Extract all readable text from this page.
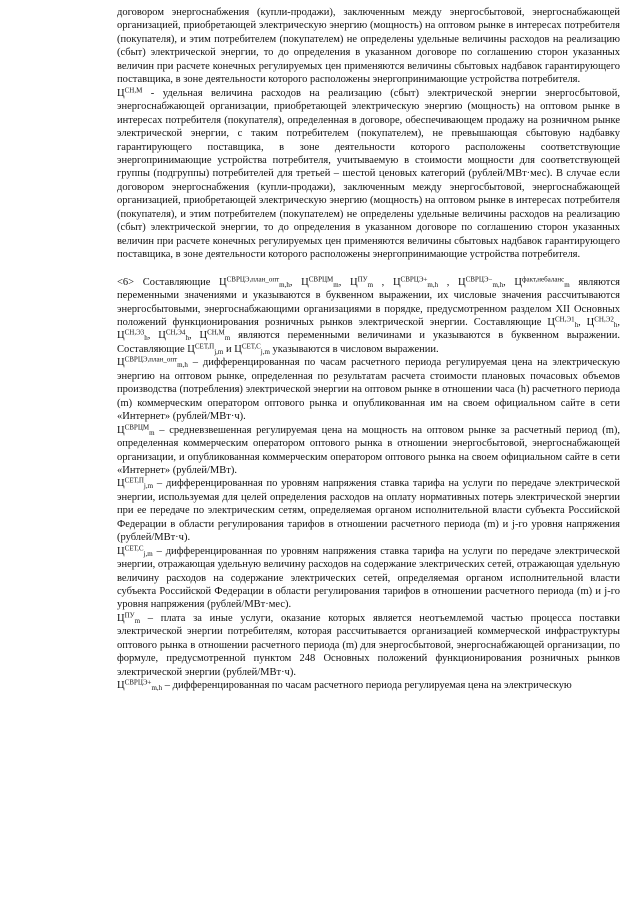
договором энергоснабжения (купли-продажи), заключенным между энергосбытовой, энергоснабжающей организацией, приобретающей электрическую энергию (мощность) на оптовом рынке в интересах потребителя (покупателя), и этим потребителем (покупателем) не определены удельные величины расходов на реализацию (сбыт) электрической энергии, то до определения в указанном договоре по соглашению сторон указанных величин при расчете конечных регулируемых цен применяются величины сбытовых надбавок гарантирующего поставщика, в зоне деятельности которого расположены энергопринимающие устройства потребителя.

$Ц^{СН,М}$ - удельная величина расходов на реализацию (сбыт) электрической энергии энергосбытовой, энергоснабжающей организации, приобретающей электрическую энергию (мощность) на оптовом рынке в интересах потребителя (покупателя), определенная в договоре, обеспечивающем продажу на розничном рынке электрической энергии, с таким потребителем (покупателем), не превышающая сбытовую надбавку гарантирующего поставщика, в зоне деятельности которого расположены соответствующие энергопринимающие устройства потребителя, учитываемую в стоимости мощности для соответствующей группы (подгруппы) потребителей для третьей – шестой ценовых категорий (рублей/МВт·мес). В случае если договором энергоснабжения (купли-продажи), заключенным между энергосбытовой, энергоснабжающей организацией, приобретающей электрическую энергию (мощность) на оптовом рынке в интересах потребителя (покупателя), и этим потребителем (покупателем) не определены удельные величины расходов на реализацию (сбыт) электрической энергии, то до определения в указанном договоре по соглашению сторон указанных величин при расчете конечных регулируемых цен применяются величины сбытовых надбавок гарантирующего поставщика, в зоне деятельности которого расположены энергопринимающие устройства потребителя.

<6> Составляющие $Ц^{СВРЦЭ,план\_опт}_{m,h}$, $Ц^{СВРЦМ}_m$, $Ц^{ПУ}_m$ , $Ц^{СВРЦЭ+}_{m,h}$ , $Ц^{СВРЦЭ-}_{m,h}$, $Ц^{факт,небаланс}_m$ являются переменными значениями и указываются в буквенном выражении, их числовые значения рассчитываются энергосбытовыми, энергоснабжающими организациями в порядке, предусмотренном разделом XII Основных положений функционирования розничных рынков электрической энергии. Составляющие $Ц^{СН,Э1}_h$, $Ц^{СН,Э2}_h$, $Ц^{СН,Э3}_h$, $Ц^{СН,Э4}_h$, $Ц^{СН,М}_m$ являются переменными величинами и указываются в буквенном выражении. Составляющие $Ц^{СЕТ,П}_{j,m}$ и $Ц^{СЕТ,С}_{j,m}$ указываются в числовом выражении.

$Ц^{СВРЦЭ,план\_опт}_{m,h}$ – дифференцированная по часам расчетного периода регулируемая цена на электрическую энергию на оптовом рынке, определенная по результатам расчета стоимости плановых почасовых объемов производства (потребления) электрической энергии на оптовом рынке в отношении часа (h) расчетного периода (m) коммерческим оператором оптового рынка и опубликованная им на своем официальном сайте в сети «Интернет» (рублей/МВт·ч).

$Ц^{СВРЦМ}_m$ – средневзвешенная регулируемая цена на мощность на оптовом рынке за расчетный период (m), определенная коммерческим оператором оптового рынка в отношении энергосбытовой, энергоснабжающей организации, и опубликованная коммерческим оператором оптового рынка на своем официальном сайте в сети «Интернет» (рублей/МВт).

$Ц^{СЕТ,П}_{j,m}$ – дифференцированная по уровням напряжения ставка тарифа на услуги по передаче электрической энергии, используемая для целей определения расходов на оплату нормативных потерь электрической энергии при ее передаче по электрическим сетям, определяемая органом исполнительной власти субъекта Российской Федерации в области регулирования тарифов в отношении расчетного периода (m) и j-го уровня напряжения (рублей/МВт·ч).

$Ц^{СЕТ,С}_{j,m}$ – дифференцированная по уровням напряжения ставка тарифа на услуги по передаче электрической энергии, отражающая удельную величину расходов на содержание электрических сетей, отражающая удельную величину расходов на содержание электрических сетей, определяемая органом исполнительной власти субъекта Российской Федерации в области регулирования тарифов в отношении расчетного периода (m) и j-го уровня напряжения (рублей/МВт·мес).

$Ц^{ПУ}_m$ – плата за иные услуги, оказание которых является неотъемлемой частью процесса поставки электрической энергии потребителям, которая рассчитывается организацией коммерческой инфраструктуры оптового рынка в отношении расчетного периода (m) для энергосбытовой, энергоснабжающей организации, по формуле, предусмотренной пунктом 248 Основных положений функционирования розничных рынков электрической энергии (рублей/МВт·ч).

$Ц^{СВРЦЭ+}_{m,h}$ – дифференцированная по часам расчетного периода регулируемая цена на электрическую
